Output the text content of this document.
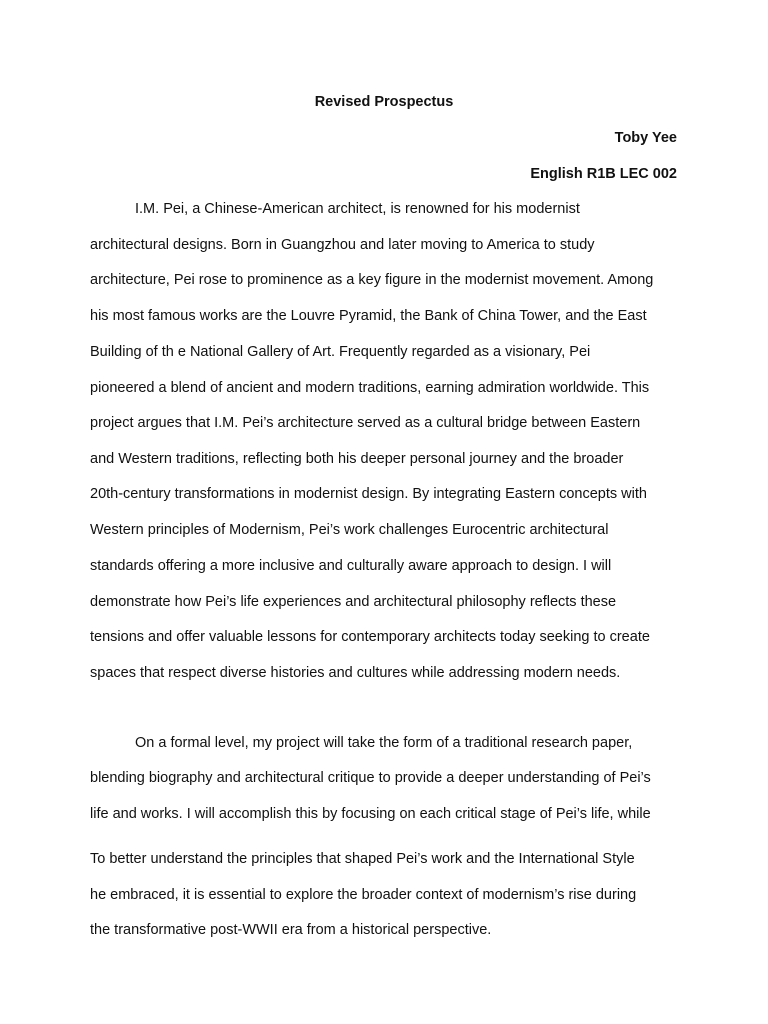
Revised Prospectus
Toby Yee
English R1B LEC 002
I.M. Pei, a Chinese-American architect, is renowned for his modernist
architectural designs. Born in Guangzhou and later moving to America to study
architecture, Pei rose to prominence as a key figure in the modernist movement. Among
his most famous works are the Louvre Pyramid, the Bank of China Tower, and the East
Building of th e National Gallery of Art. Frequently regarded as a visionary, Pei
pioneered a blend of ancient and modern traditions, earning admiration worldwide. This
project argues that I.M. Pei’s architecture served as a cultural bridge between Eastern
and Western traditions, reflecting both his deeper personal journey and the broader
20th-century transformations in modernist design. By integrating Eastern concepts with
Western principles of Modernism, Pei’s work challenges Eurocentric architectural
standards offering a more inclusive and culturally aware approach to design. I will
demonstrate how Pei’s life experiences and architectural philosophy reflects these
tensions and offer valuable lessons for contemporary architects today seeking to create
spaces that respect diverse histories and cultures while addressing modern needs.
On a formal level, my project will take the form of a traditional research paper,
blending biography and architectural critique to provide a deeper understanding of Pei’s
life and works. I will accomplish this by focusing on each critical stage of Pei’s life, while
To better understand the principles that shaped Pei’s work and the International Style
he embraced, it is essential to explore the broader context of modernism’s rise during
the transformative post-WWII era from a historical perspective.
